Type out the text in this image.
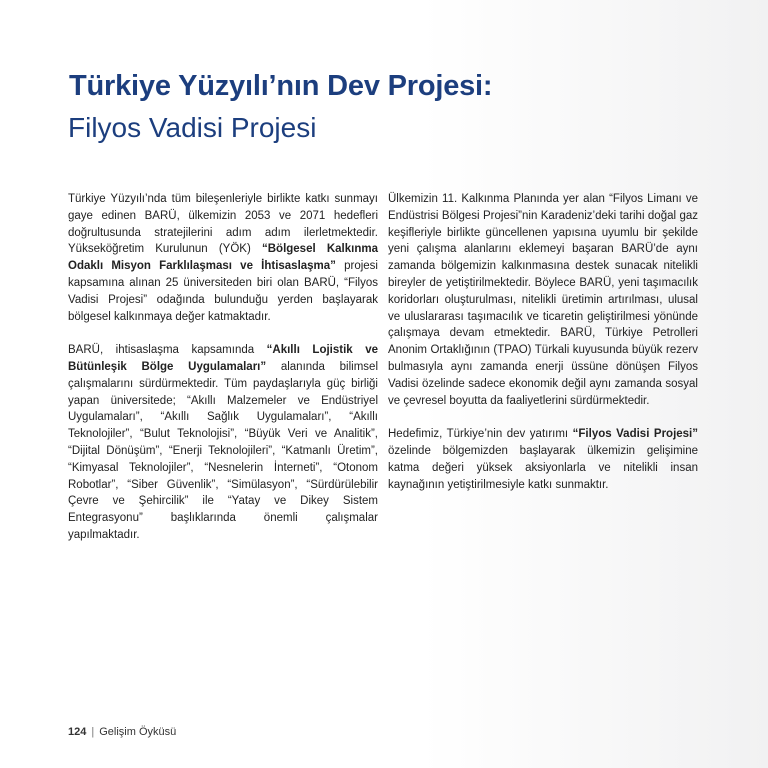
Türkiye Yüzyılı’nın Dev Projesi:
Filyos Vadisi Projesi

Türkiye Yüzyılı’nda tüm bileşenleriyle birlikte katkı sunmayı gaye edinen BARÜ, ülkemizin 2053 ve 2071 hedefleri doğrultusunda stratejilerini adım adım ilerletmektedir. Yükseköğretim Kurulunun (YÖK) “Bölgesel Kalkınma Odaklı Misyon Farklılaşması ve İhtisaslaşma” projesi kapsamına alınan 25 üniversiteden biri olan BARÜ, “Filyos Vadisi Projesi” odağında bulunduğu yerden başlayarak bölgesel kalkınmaya değer katmaktadır.

BARÜ, ihtisaslaşma kapsamında “Akıllı Lojistik ve Bütünleşik Bölge Uygulamaları” alanında bilimsel çalışmalarını sürdürmektedir. Tüm paydaşlarıyla güç birliği yapan üniversitede; “Akıllı Malzemeler ve Endüstriyel Uygulamaları”, “Akıllı Sağlık Uygulamaları”, “Akıllı Teknolojiler”, “Bulut Teknolojisi”, “Büyük Veri ve Analitik”, “Dijital Dönüşüm”, “Enerji Teknolojileri”, “Katmanlı Üretim”, “Kimyasal Teknolojiler”, “Nesnelerin İnterneti”, “Otonom Robotlar”, “Siber Güvenlik”, “Simülasyon”, “Sürdürülebilir Çevre ve Şehircilik” ile “Yatay ve Dikey Sistem Entegrasyonu” başlıklarında önemli çalışmalar yapılmaktadır.

Ülkemizin 11. Kalkınma Planında yer alan “Filyos Limanı ve Endüstrisi Bölgesi Projesi”nin Karadeniz’deki tarihi doğal gaz keşifleriyle birlikte güncellenen yapısına uyumlu bir şekilde yeni çalışma alanlarını eklemeyi başaran BARÜ’de aynı zamanda bölgemizin kalkınmasına destek sunacak nitelikli bireyler de yetiştirilmektedir. Böylece BARÜ, yeni taşımacılık koridorları oluşturulması, nitelikli üretimin artırılması, ulusal ve uluslararası taşımacılık ve ticaretin geliştirilmesi yönünde çalışmaya devam etmektedir. BARÜ, Türkiye Petrolleri Anonim Ortaklığının (TPAO) Türkali kuyusunda büyük rezerv bulmasıyla aynı zamanda enerji üssüne dönüşen Filyos Vadisi özelinde sadece ekonomik değil aynı zamanda sosyal ve çevresel boyutta da faaliyetlerini sürdürmektedir.

Hedefimiz, Türkiye’nin dev yatırımı “Filyos Vadisi Projesi” özelinde bölgemizden başlayarak ülkemizin gelişimine katma değeri yüksek aksiyonlarla ve nitelikli insan kaynağının yetiştirilmesiyle katkı sunmaktır.

124 | Gelişim Öyküsü
